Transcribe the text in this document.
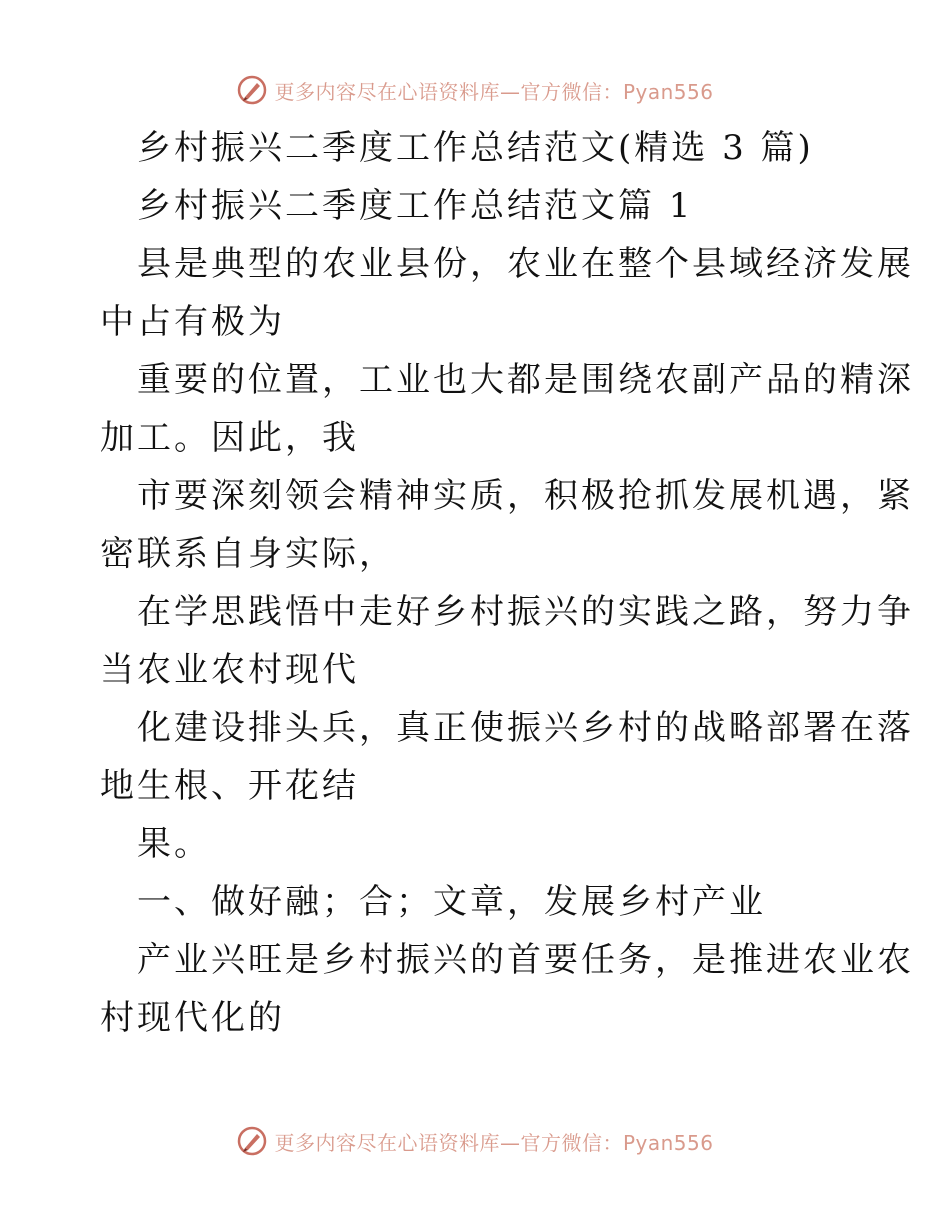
更多内容尽在心语资料库—官方微信：Pyan556
乡村振兴二季度工作总结范文(精选 3 篇)
乡村振兴二季度工作总结范文篇 1
县是典型的农业县份，农业在整个县域经济发展
中占有极为
重要的位置，工业也大都是围绕农副产品的精深
加工。因此，我
市要深刻领会精神实质，积极抢抓发展机遇，紧
密联系自身实际，
在学思践悟中走好乡村振兴的实践之路，努力争
当农业农村现代
化建设排头兵，真正使振兴乡村的战略部署在落
地生根、开花结
果。
一、做好融；合；文章，发展乡村产业
产业兴旺是乡村振兴的首要任务，是推进农业农
村现代化的
更多内容尽在心语资料库—官方微信：Pyan556
